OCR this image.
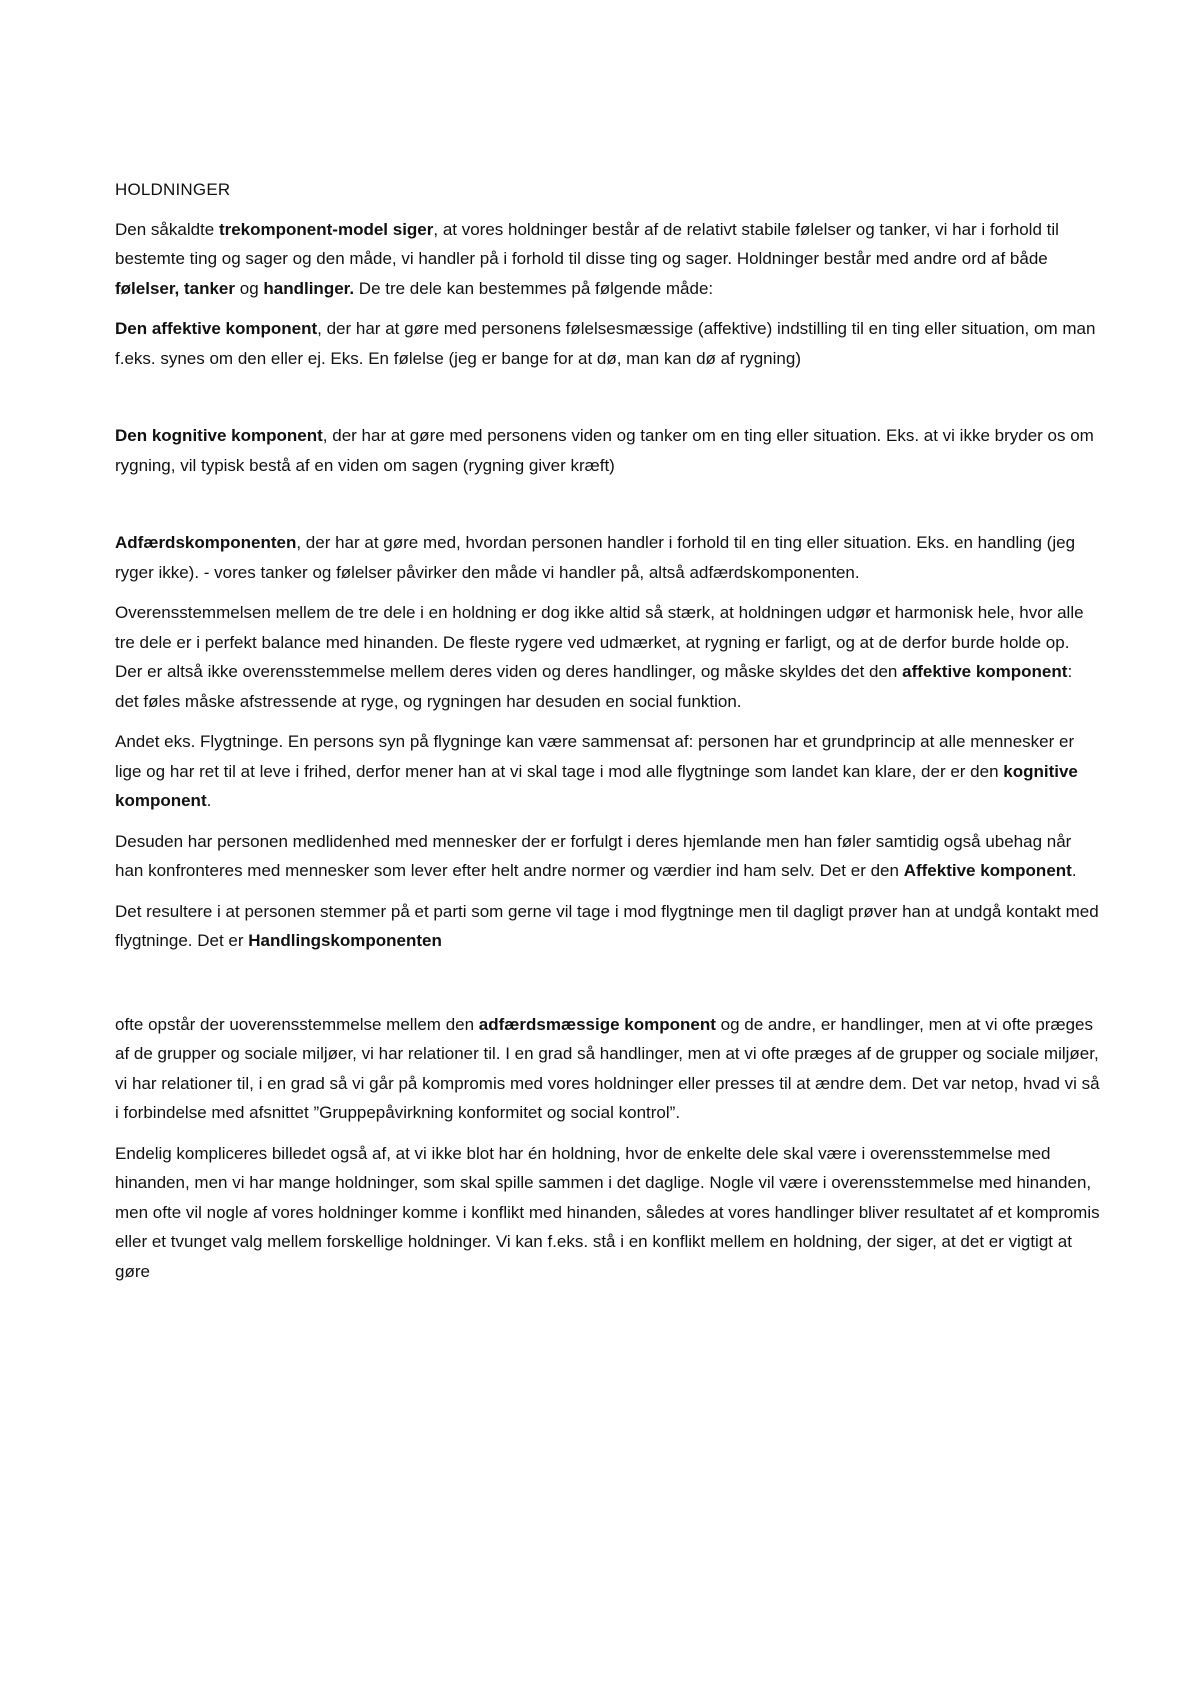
HOLDNINGER

Den såkaldte trekomponent-model siger, at vores holdninger består af de relativt stabile følelser og tanker, vi har i forhold til bestemte ting og sager og den måde, vi handler på i forhold til disse ting og sager. Holdninger består med andre ord af både følelser, tanker og handlinger. De tre dele kan bestemmes på følgende måde:

Den affektive komponent, der har at gøre med personens følelsesmæssige (affektive) indstilling til en ting eller situation, om man f.eks. synes om den eller ej. Eks. En følelse (jeg er bange for at dø, man kan dø af rygning)

Den kognitive komponent, der har at gøre med personens viden og tanker om en ting eller situation. Eks. at vi ikke bryder os om rygning, vil typisk bestå af en viden om sagen (rygning giver kræft)

Adfærdskomponenten, der har at gøre med, hvordan personen handler i forhold til en ting eller situation. Eks. en handling (jeg ryger ikke). - vores tanker og følelser påvirker den måde vi handler på, altså adfærdskomponenten.

Overensstemmelsen mellem de tre dele i en holdning er dog ikke altid så stærk, at holdningen udgør et harmonisk hele, hvor alle tre dele er i perfekt balance med hinanden. De fleste rygere ved udmærket, at rygning er farligt, og at de derfor burde holde op. Der er altså ikke overensstemmelse mellem deres viden og deres handlinger, og måske skyldes det den affektive komponent: det føles måske afstressende at ryge, og rygningen har desuden en social funktion.

Andet eks. Flygtninge. En persons syn på flygninge kan være sammensat af: personen har et grundprincip at alle mennesker er lige og har ret til at leve i frihed, derfor mener han at vi skal tage i mod alle flygtninge som landet kan klare, der er den kognitive komponent.

Desuden har personen medlidenhed med mennesker der er forfulgt i deres hjemlande men han føler samtidig også ubehag når han konfronteres med mennesker som lever efter helt andre normer og værdier ind ham selv. Det er den Affektive komponent.

Det resultere i at personen stemmer på et parti som gerne vil tage i mod flygtninge men til dagligt prøver han at undgå kontakt med flygtninge. Det er Handlingskomponenten

ofte opstår der uoverensstemmelse mellem den adfærdsmæssige komponent og de andre, er handlinger, men at vi ofte præges af de grupper og sociale miljøer, vi har relationer til. I en grad så handlinger, men at vi ofte præges af de grupper og sociale miljøer, vi har relationer til, i en grad så vi går på kompromis med vores holdninger eller presses til at ændre dem. Det var netop, hvad vi så i forbindelse med afsnittet ”Gruppepåvirkning konformitet og social kontrol”.

Endelig kompliceres billedet også af, at vi ikke blot har én holdning, hvor de enkelte dele skal være i overensstemmelse med hinanden, men vi har mange holdninger, som skal spille sammen i det daglige. Nogle vil være i overensstemmelse med hinanden, men ofte vil nogle af vores holdninger komme i konflikt med hinanden, således at vores handlinger bliver resultatet af et kompromis eller et tvunget valg mellem forskellige holdninger. Vi kan f.eks. stå i en konflikt mellem en holdning, der siger, at det er vigtigt at gøre
